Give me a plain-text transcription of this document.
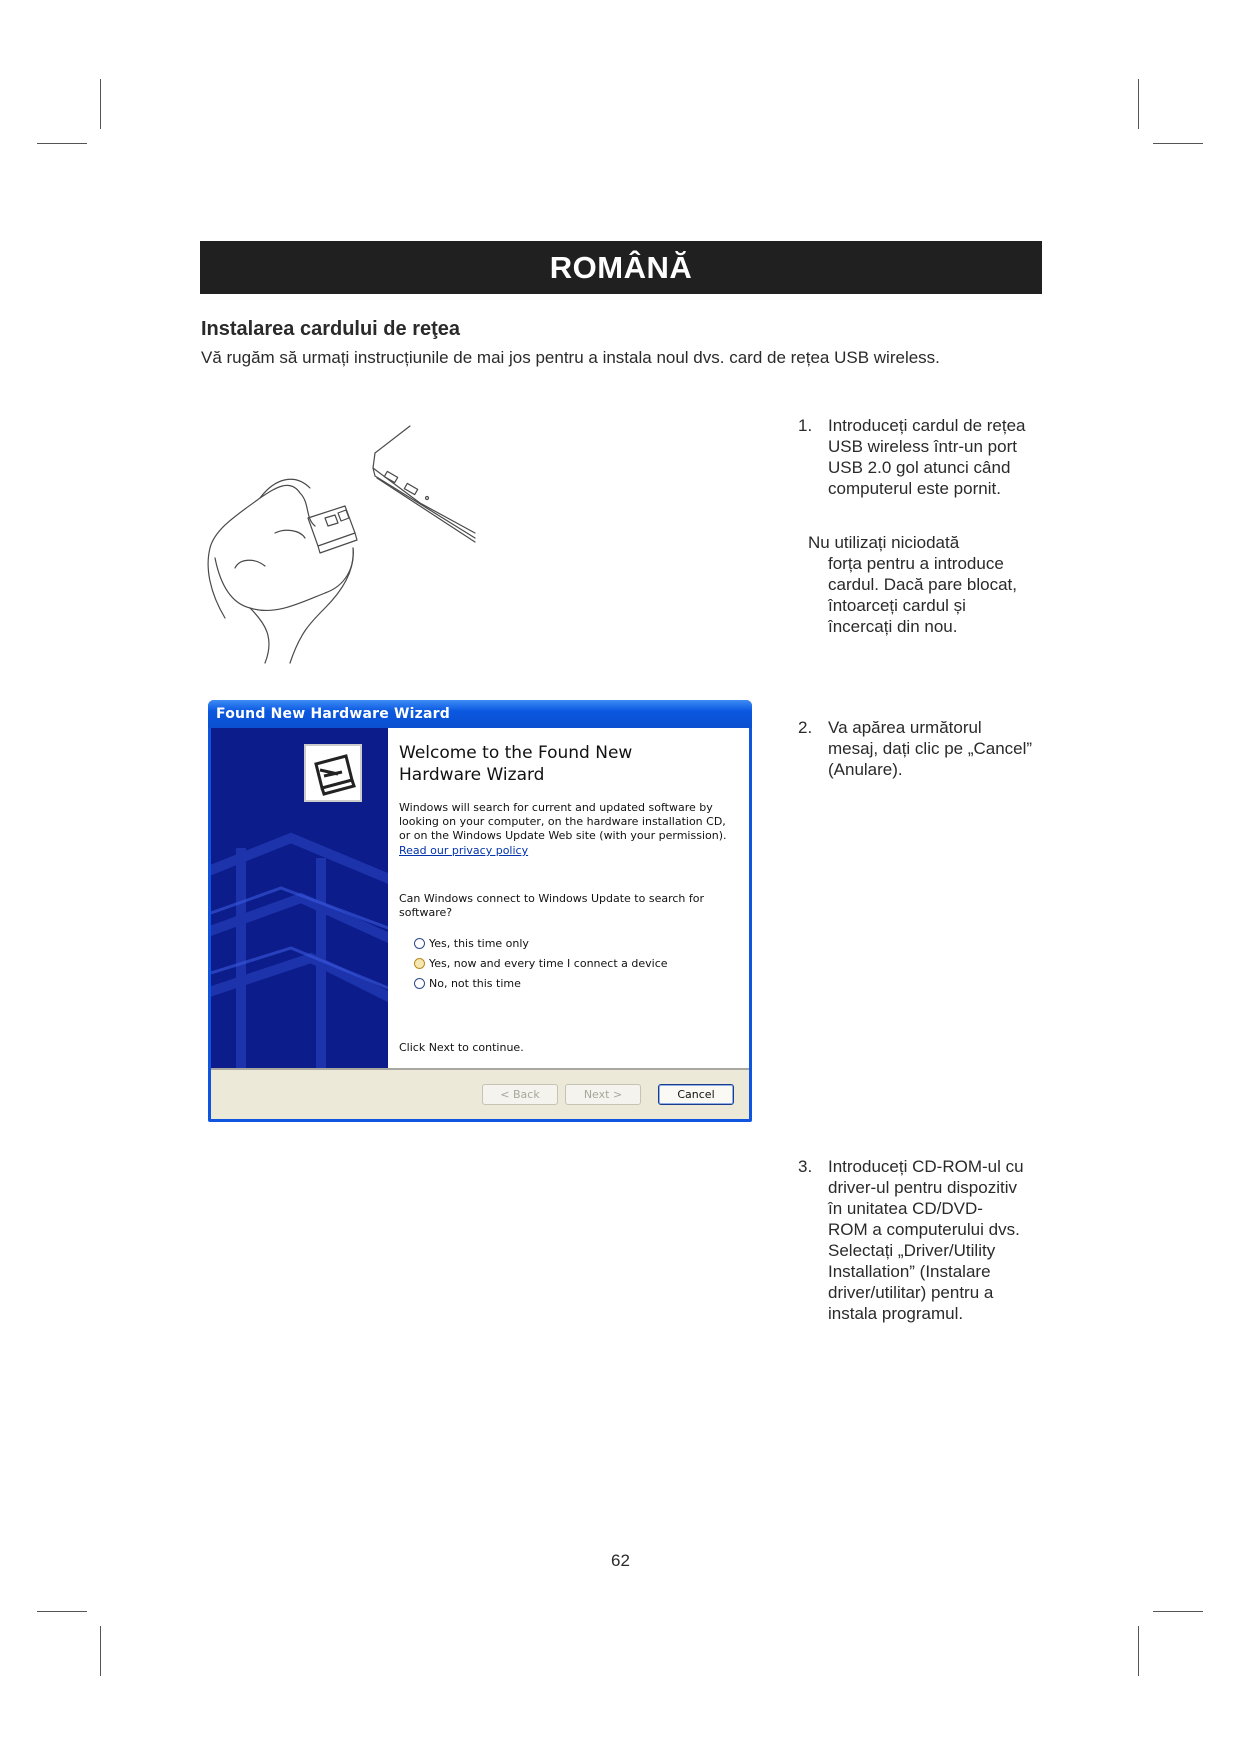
ROMÂNĂ
Instalarea cardului de reţea
Vă rugăm să urmați instrucțiunile de mai jos pentru a instala noul dvs. card de rețea USB wireless.
1. Introduceți cardul de rețea
USB wireless într-un port
USB 2.0 gol atunci când
computerul este pornit.
Nu utilizați niciodată
forța pentru a introduce
cardul. Dacă pare blocat,
întoarceți cardul și
încercați din nou.
2. Va apărea următorul
mesaj, dați clic pe „Cancel”
(Anulare).
3. Introduceți CD-ROM-ul cu
driver-ul pentru dispozitiv
în unitatea CD/DVD-
ROM a computerului dvs.
Selectați „Driver/Utility
Installation” (Instalare
driver/utilitar) pentru a
instala programul.
Found New Hardware Wizard
Welcome to the Found New
Hardware Wizard
Windows will search for current and updated software by looking on your computer, on the hardware installation CD, or on the Windows Update Web site (with your permission).
Read our privacy policy
Can Windows connect to Windows Update to search for software?
Yes, this time only
Yes, now and every time I connect a device
No, not this time
Click Next to continue.
< Back	Next >	Cancel
62
